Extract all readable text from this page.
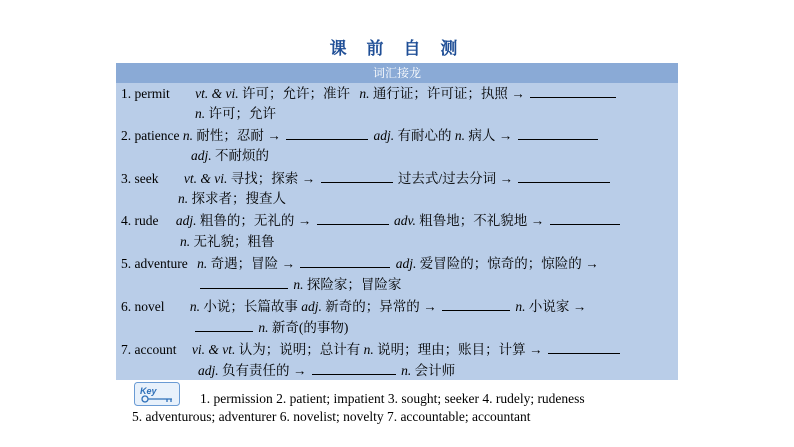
课 前 自 测
词汇接龙
1. permit vt. & vi. 许可；允许；准许 n. 通行证；许可证；执照 →
n. 许可；允许
2. patience n. 耐性；忍耐 →	adj. 有耐心的 n. 病人 →
adj. 不耐烦的
3. seek vt. & vi. 寻找；探索 →	过去式/过去分词 →
n. 探求者；搜查人
4. rude adj. 粗鲁的；无礼的 →	adv. 粗鲁地；不礼貌地 →
n. 无礼貌；粗鲁
5. adventure n. 奇遇；冒险 →	adj. 爱冒险的；惊奇的；惊险的 →
n. 探险家；冒险家
6. novel n. 小说；长篇故事 adj. 新奇的；异常的 →	n. 小说家 →
n. 新奇(的事物)
7. account vi. & vt. 认为；说明；总计有 n. 说明；理由；账目；计算 →
adj. 负有责任的 →	n. 会计师
Key	1. permission 2. patient; impatient 3. sought; seeker 4. rudely; rudeness
5. adventurous; adventurer 6. novelist; novelty 7. accountable; accountant
